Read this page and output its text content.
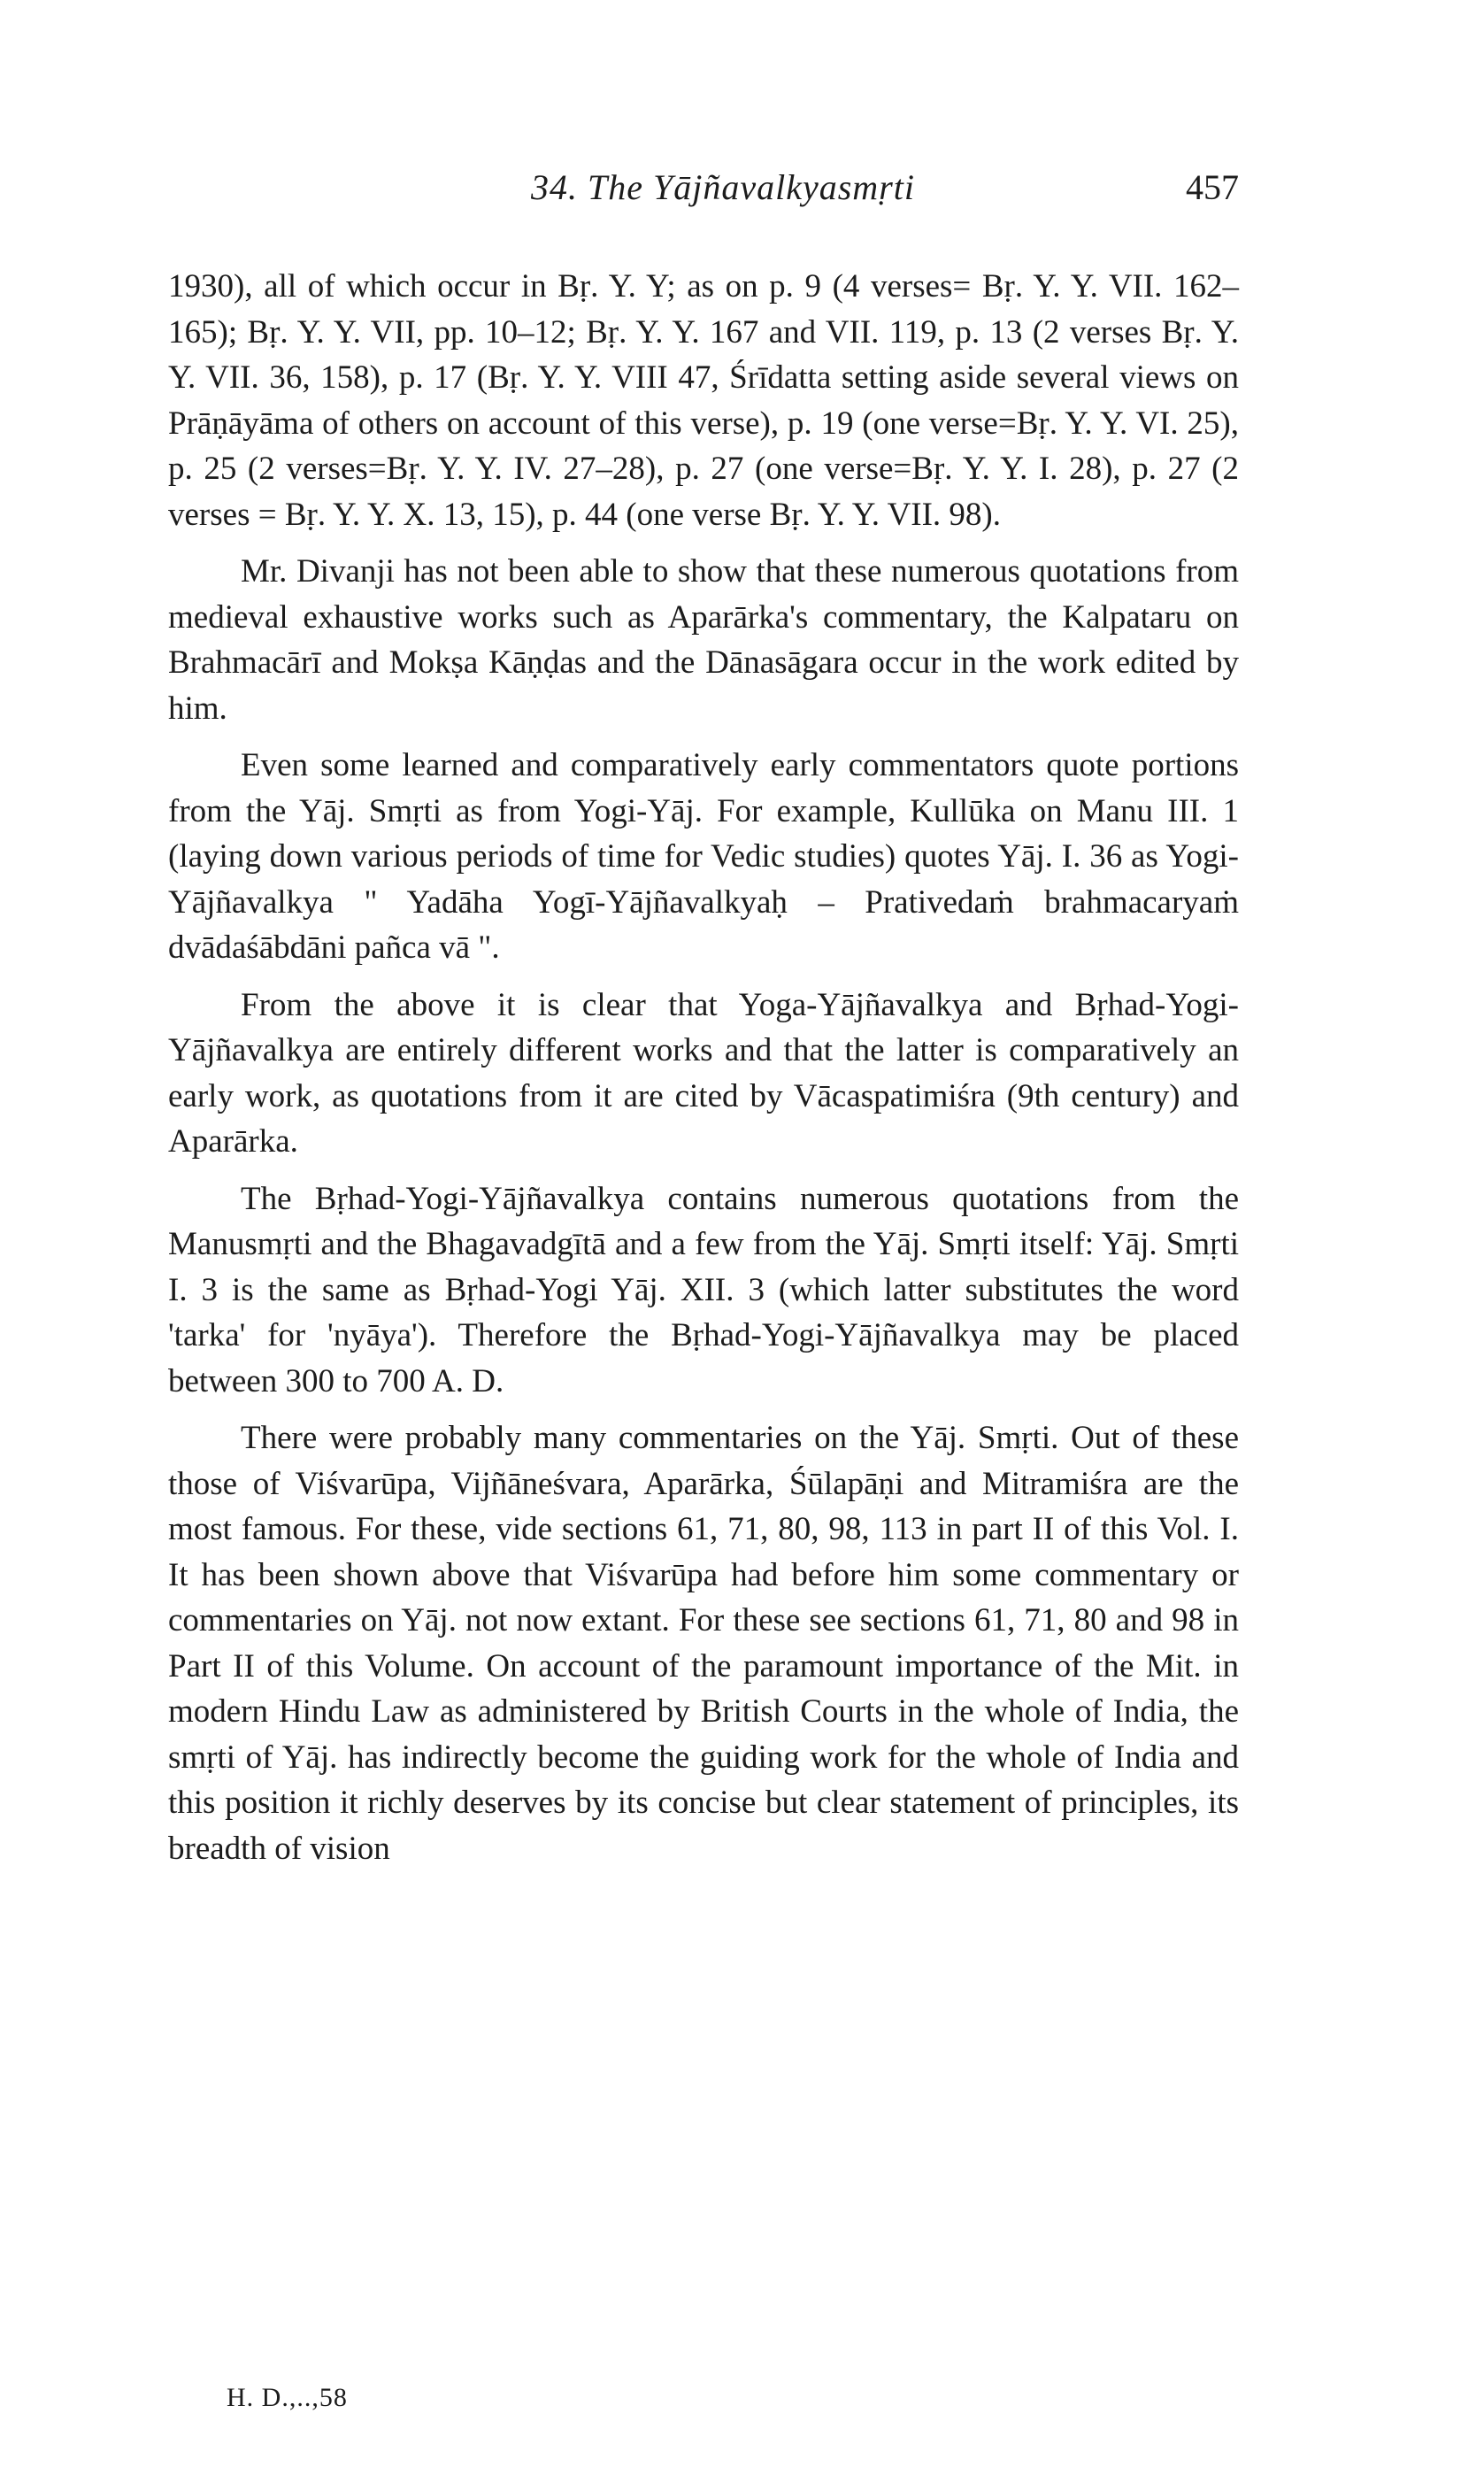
34. The Yājñavalkyasmṛti	457

1930), all of which occur in Bṛ. Y. Y; as on p. 9 (4 verses= Bṛ. Y. Y. VII. 162–165); Bṛ. Y. Y. VII, pp. 10–12; Bṛ. Y. Y. 167 and VII. 119, p. 13 (2 verses Bṛ. Y. Y. VII. 36, 158), p. 17 (Bṛ. Y. Y. VIII 47, Śrīdatta setting aside several views on Prāṇāyāma of others on account of this verse), p. 19 (one verse=Bṛ. Y. Y. VI. 25), p. 25 (2 verses=Bṛ. Y. Y. IV. 27–28), p. 27 (one verse=Bṛ. Y. Y. I. 28), p. 27 (2 verses = Bṛ. Y. Y. X. 13, 15), p. 44 (one verse Bṛ. Y. Y. VII. 98).

Mr. Divanji has not been able to show that these numerous quotations from medieval exhaustive works such as Aparārka's commentary, the Kalpataru on Brahmacārī and Mokṣa Kāṇḍas and the Dānasāgara occur in the work edited by him.

Even some learned and comparatively early commentators quote portions from the Yāj. Smṛti as from Yogi-Yāj. For example, Kullūka on Manu III. 1 (laying down various periods of time for Vedic studies) quotes Yāj. I. 36 as Yogi-Yājñavalkya " Yadāha Yogī-Yājñavalkyaḥ – Prativedaṁ brahmacaryaṁ dvādaśābdāni pañca vā ".

From the above it is clear that Yoga-Yājñavalkya and Bṛhad-Yogi-Yājñavalkya are entirely different works and that the latter is comparatively an early work, as quotations from it are cited by Vācaspatimiśra (9th century) and Aparārka.

The Bṛhad-Yogi-Yājñavalkya contains numerous quotations from the Manusmṛti and the Bhagavadgītā and a few from the Yāj. Smṛti itself: Yāj. Smṛti I. 3 is the same as Bṛhad-Yogi Yāj. XII. 3 (which latter substitutes the word 'tarka' for 'nyāya'). Therefore the Bṛhad-Yogi-Yājñavalkya may be placed between 300 to 700 A. D.

There were probably many commentaries on the Yāj. Smṛti. Out of these those of Viśvarūpa, Vijñāneśvara, Aparārka, Śūlapāṇi and Mitramiśra are the most famous. For these, vide sections 61, 71, 80, 98, 113 in part II of this Vol. I. It has been shown above that Viśvarūpa had before him some commentary or commentaries on Yāj. not now extant. For these see sections 61, 71, 80 and 98 in Part II of this Volume. On account of the paramount importance of the Mit. in modern Hindu Law as administered by British Courts in the whole of India, the smṛti of Yāj. has indirectly become the guiding work for the whole of India and this position it richly deserves by its concise but clear statement of principles, its breadth of vision

H. D.,..,58
